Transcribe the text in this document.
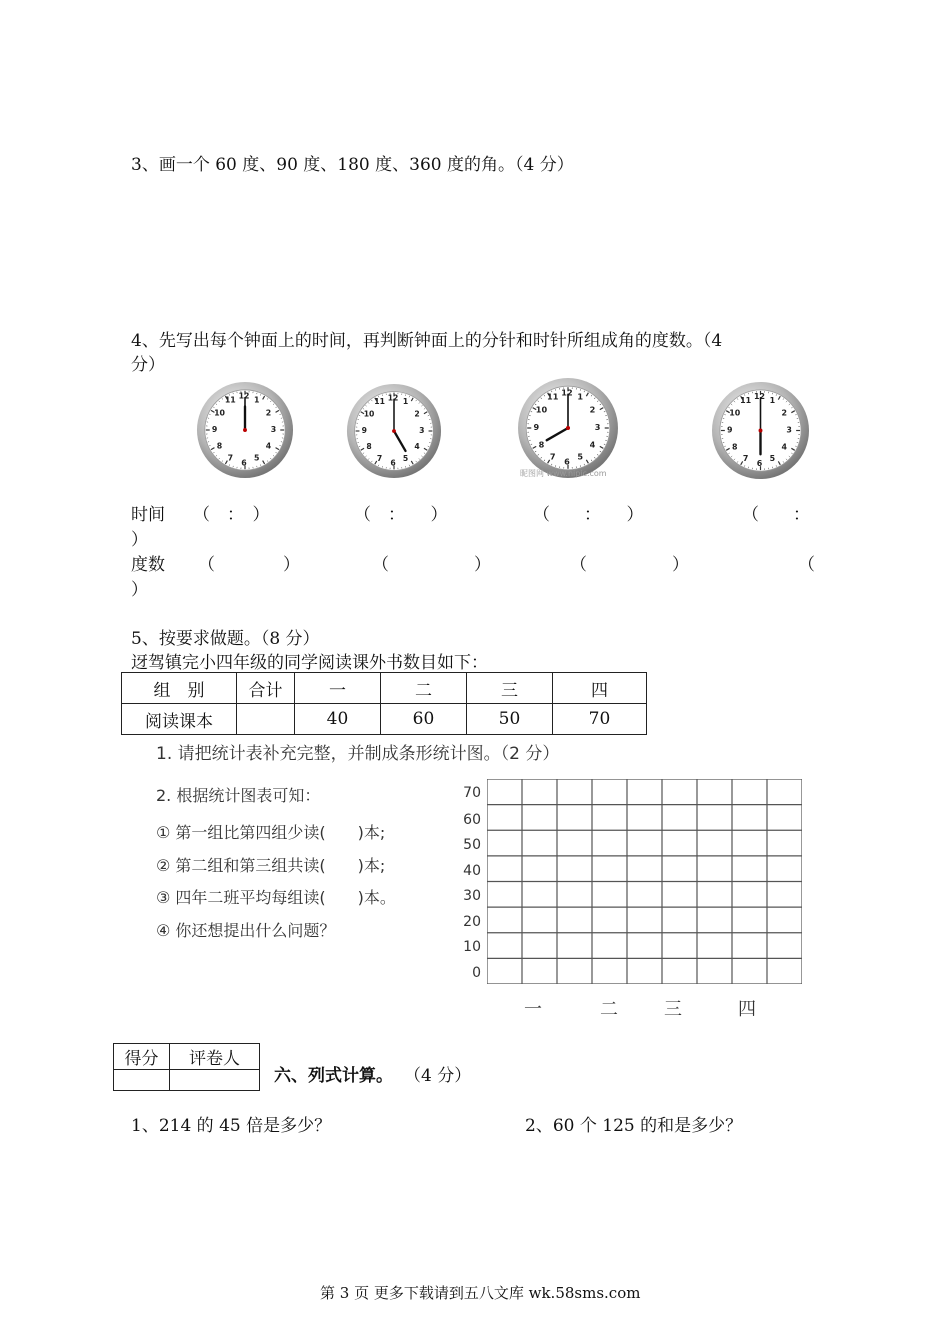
3、画一个 60 度、90 度、180 度、360 度的角。（4 分）
4、先写出每个钟面上的时间，再判断钟面上的分针和时针所组成角的度数。（4
分）
1
2
3
4
5
6
7
8
9
10
11 12
1
2
3
4
5
6
7
8
9
10
11 12	1
2
3
4
5
6
7
8
9
10
11 12
1
2
3
4
5
6
7
8
9
10
11 12
昵图网 www.nipic.com
时间 （　：　）	（　：　　）	（　　：　　）	（　　：
）
度数 （　　　　）	（　　　　　）	（　　　　　）	（
）
5、按要求做题。（8 分）
迓驾镇完小四年级的同学阅读课外书数目如下：
组　别	合计	一	二	三	四
阅读课本		40	60	50	70
1. 请把统计表补充完整，并制成条形统计图。（2 分）
2. 根据统计图表可知：
① 第一组比第四组少读(　　)本;
② 第二组和第三组共读(　　)本;
③ 四年二班平均每组读(　　)本。
④ 你还想提出什么问题？
70
60
50
40
30
20
10
0
一	二	三	四
得分	评卷人

六、列式计算。 （4 分）
1、214 的 45 倍是多少？	2、60 个 125 的和是多少？
第 3 页 更多下载请到五八文库 wk.58sms.com
